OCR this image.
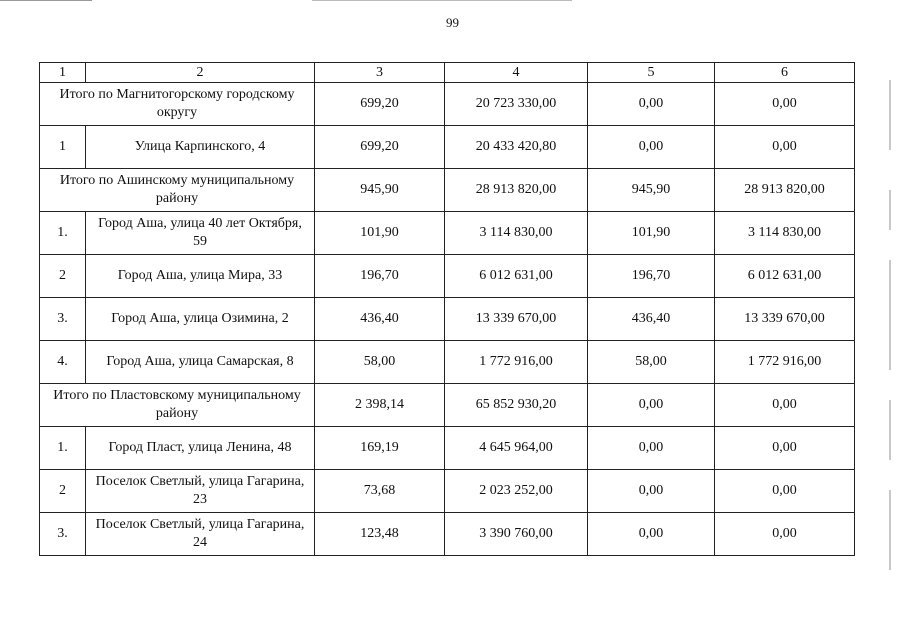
99
1	2	3	4	5	6
Итого по Магнитогорскому городскому округу		699,20	20 723 330,00	0,00	0,00
1	Улица Карпинского, 4	699,20	20 433 420,80	0,00	0,00
Итого по Ашинскому муниципальному району		945,90	28 913 820,00	945,90	28 913 820,00
1.	Город Аша, улица 40 лет Октября, 59	101,90	3 114 830,00	101,90	3 114 830,00
2	Город Аша, улица Мира, 33	196,70	6 012 631,00	196,70	6 012 631,00
3.	Город Аша, улица Озимина, 2	436,40	13 339 670,00	436,40	13 339 670,00
4.	Город Аша, улица Самарская, 8	58,00	1 772 916,00	58,00	1 772 916,00
Итого по Пластовскому муниципальному району		2 398,14	65 852 930,20	0,00	0,00
1.	Город Пласт, улица Ленина, 48	169,19	4 645 964,00	0,00	0,00
2	Поселок Светлый, улица Гагарина, 23	73,68	2 023 252,00	0,00	0,00
3.	Поселок Светлый, улица Гагарина, 24	123,48	3 390 760,00	0,00	0,00
